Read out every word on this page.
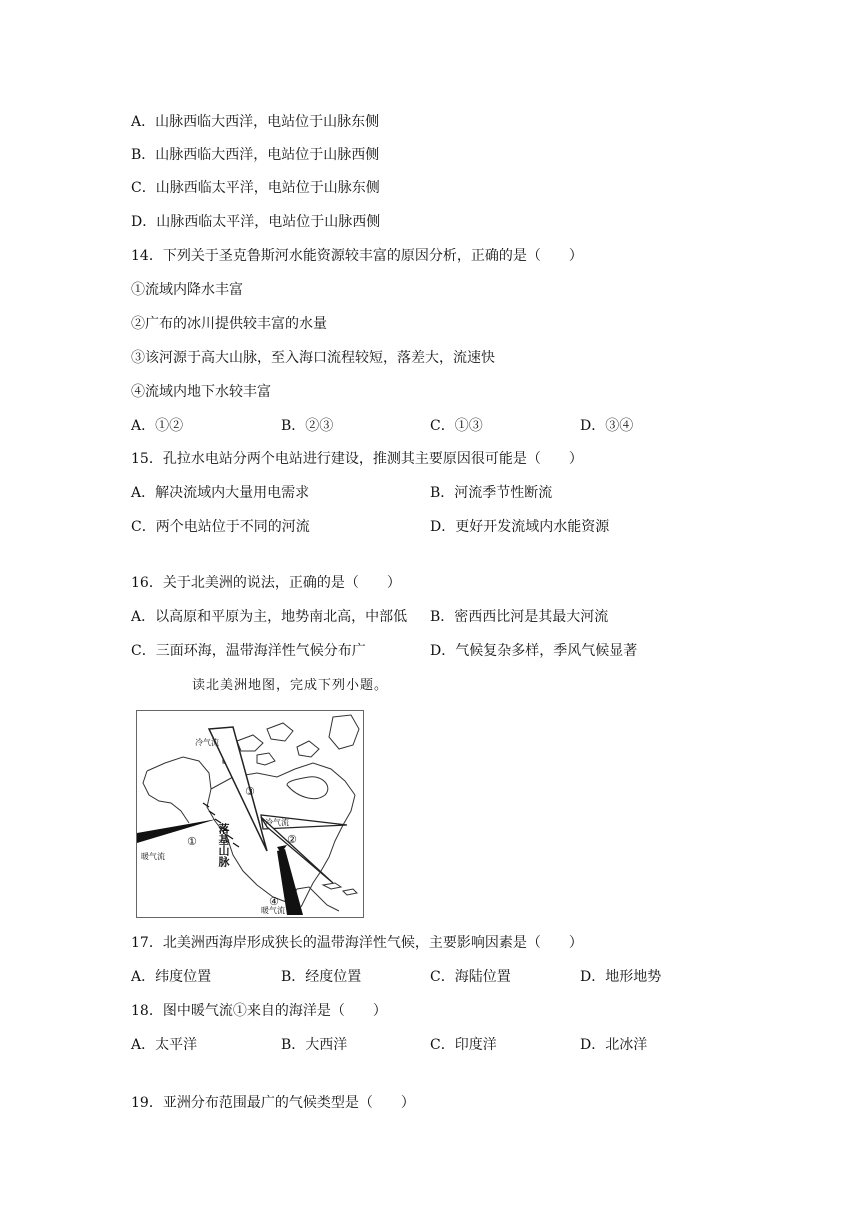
A．山脉西临大西洋，电站位于山脉东侧
B．山脉西临大西洋，电站位于山脉西侧
C．山脉西临太平洋，电站位于山脉东侧
D．山脉西临太平洋，电站位于山脉西侧
14．下列关于圣克鲁斯河水能资源较丰富的原因分析，正确的是（　　）
①流域内降水丰富
②广布的冰川提供较丰富的水量
③该河源于高大山脉，至入海口流程较短，落差大，流速快
④流域内地下水较丰富
A．①②	B．②③	C．①③	D．③④
15．孔拉水电站分两个电站进行建设，推测其主要原因很可能是（　　）
A．解决流域内大量用电需求	B．河流季节性断流
C．两个电站位于不同的河流	D．更好开发流域内水能资源
16．关于北美洲的说法，正确的是（　　）
A．以高原和平原为主，地势南北高，中部低 B．密西西比河是其最大河流
C．三面环海，温带海洋性气候分布广	D．气候复杂多样，季风气候显著
读北美洲地图，完成下列小题。
冷气流
冷气流
暖气流
暖气流
落基山脉
①	②
③
④
17．北美洲西海岸形成狭长的温带海洋性气候，主要影响因素是（　　）
A．纬度位置	B．经度位置	C．海陆位置	D．地形地势
18．图中暖气流①来自的海洋是（　　）
A．太平洋	B．大西洋	C．印度洋	D．北冰洋
19．亚洲分布范围最广的气候类型是（　　）
